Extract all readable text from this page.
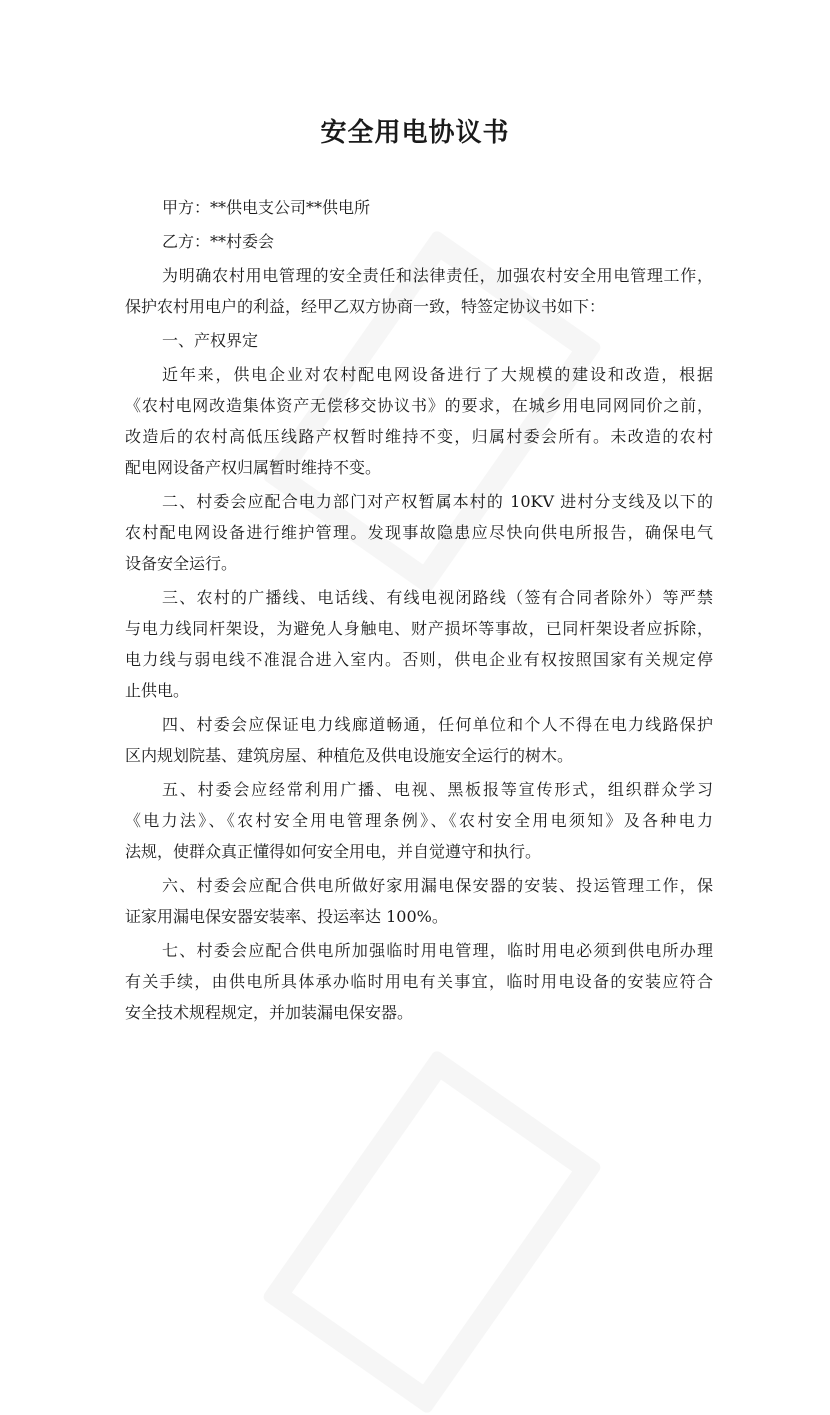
安全用电协议书
甲方：**供电支公司**供电所
乙方：**村委会
为明确农村用电管理的安全责任和法律责任，加强农村安全用电管理工作，
保护农村用电户的利益，经甲乙双方协商一致，特签定协议书如下：
一、产权界定
近年来，供电企业对农村配电网设备进行了大规模的建设和改造，根据
《农村电网改造集体资产无偿移交协议书》的要求，在城乡用电同网同价之前，
改造后的农村高低压线路产权暂时维持不变，归属村委会所有。未改造的农村
配电网设备产权归属暂时维持不变。
二、村委会应配合电力部门对产权暂属本村的 10KV 进村分支线及以下的
农村配电网设备进行维护管理。发现事故隐患应尽快向供电所报告，确保电气
设备安全运行。
三、农村的广播线、电话线、有线电视闭路线（签有合同者除外）等严禁
与电力线同杆架设，为避免人身触电、财产损坏等事故，已同杆架设者应拆除，
电力线与弱电线不准混合进入室内。否则，供电企业有权按照国家有关规定停
止供电。
四、村委会应保证电力线廊道畅通，任何单位和个人不得在电力线路保护
区内规划院基、建筑房屋、种植危及供电设施安全运行的树木。
五、村委会应经常利用广播、电视、黑板报等宣传形式，组织群众学习
《电力法》、《农村安全用电管理条例》、《农村安全用电须知》及各种电力
法规，使群众真正懂得如何安全用电，并自觉遵守和执行。
六、村委会应配合供电所做好家用漏电保安器的安装、投运管理工作，保
证家用漏电保安器安装率、投运率达 100%。
七、村委会应配合供电所加强临时用电管理，临时用电必须到供电所办理
有关手续，由供电所具体承办临时用电有关事宜，临时用电设备的安装应符合
安全技术规程规定，并加装漏电保安器。
